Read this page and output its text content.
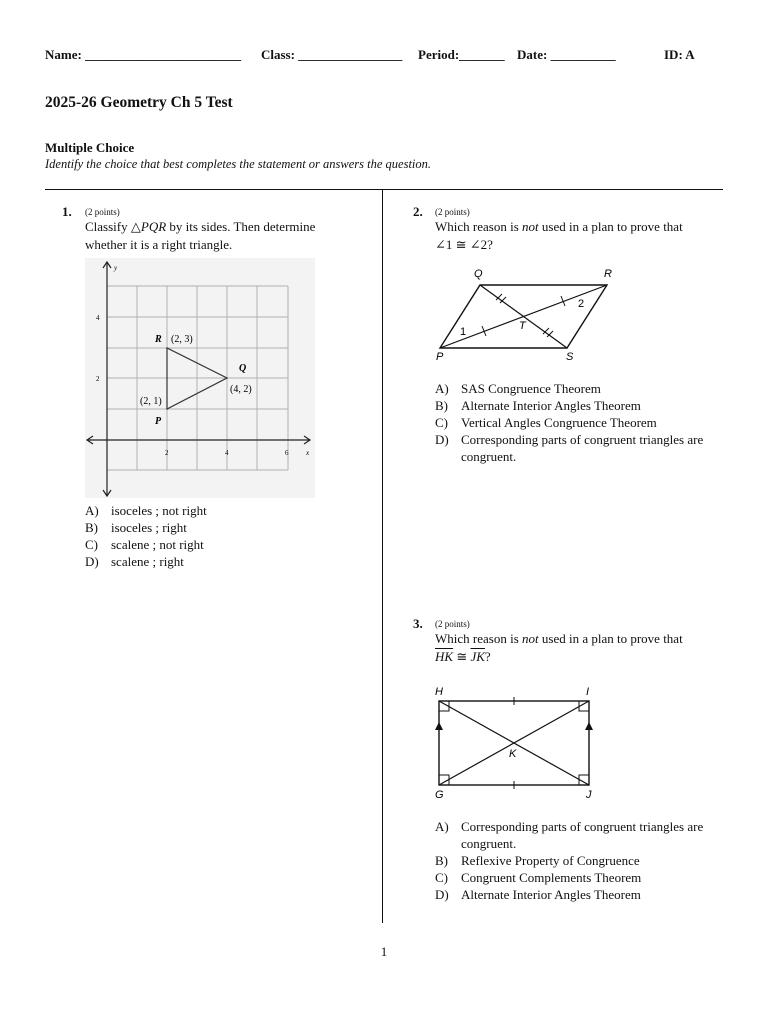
Name: ________________________ Class: ________________ Period:_______ Date: __________	ID: A
2025-26 Geometry Ch 5 Test
Multiple Choice
Identify the choice that best completes the statement or answers the question.
1. (2 points)
Classify △PQR by its sides. Then determine
whether it is a right triangle.
y
x
2	4	6
2
4
R (2, 3)
Q
(4, 2)
(2, 1)
P
A) isoceles ; not right
B) isoceles ; right
C) scalene ; not right
D) scalene ; right
2. (2 points)
Which reason is not used in a plan to prove that
∠1 ≅ ∠2?
Q	R
P	S
T
1
2
A) SAS Congruence Theorem
B) Alternate Interior Angles Theorem
C) Vertical Angles Congruence Theorem
D) Corresponding parts of congruent triangles are
congruent.
3. (2 points)
Which reason is not used in a plan to prove that
$\overline{HK}$ ≅ $\overline{JK}$?
H	I
G	J
K
A) Corresponding parts of congruent triangles are
congruent.
B) Reflexive Property of Congruence
C) Congruent Complements Theorem
D) Alternate Interior Angles Theorem
1
